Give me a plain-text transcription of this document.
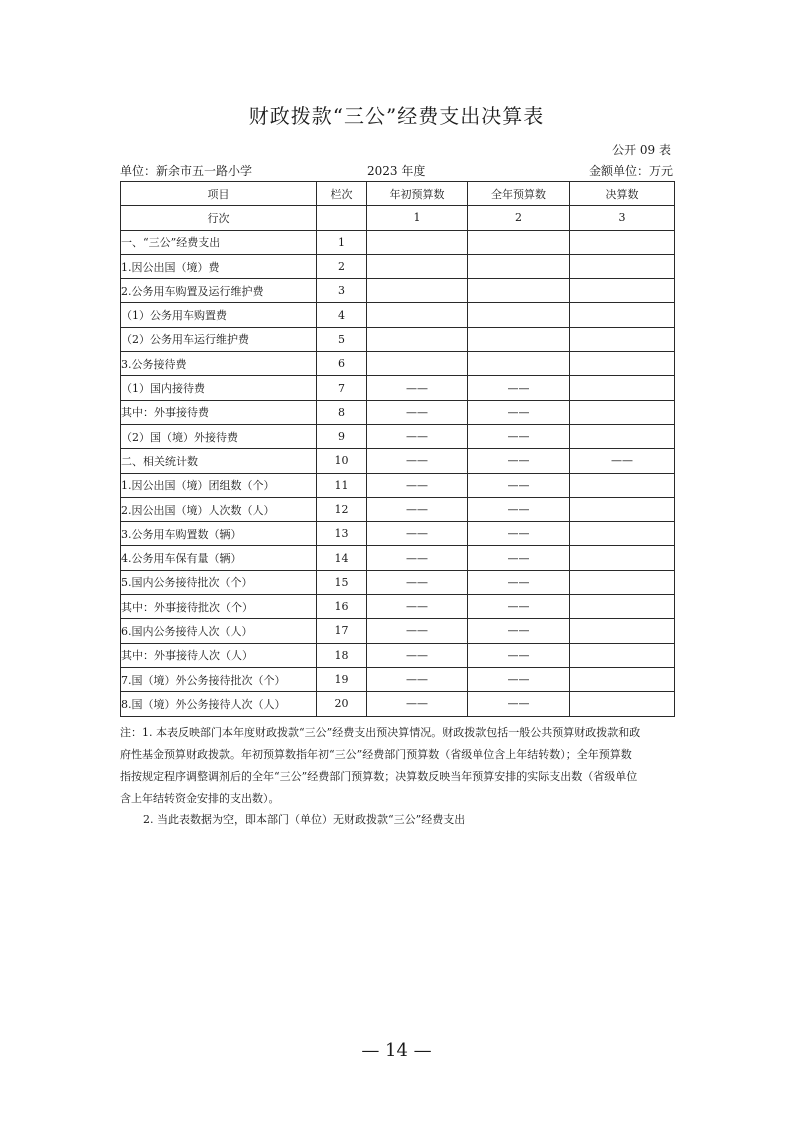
财政拨款“三公”经费支出决算表
公开 09 表
单位：新余市五一路小学	2023 年度	金额单位：万元
项目	栏次	年初预算数	全年预算数	决算数
行次		1	2	3
一、“三公”经费支出	1			
1.因公出国（境）费	2			
2.公务用车购置及运行维护费	3			
（1）公务用车购置费	4			
（2）公务用车运行维护费	5			
3.公务接待费	6			
（1）国内接待费	7	——	——	
其中：外事接待费	8	——	——	
（2）国（境）外接待费	9	——	——	
二、相关统计数	10	——	——	——
1.因公出国（境）团组数（个）	11	——	——	
2.因公出国（境）人次数（人）	12	——	——	
3.公务用车购置数（辆）	13	——	——	
4.公务用车保有量（辆）	14	——	——	
5.国内公务接待批次（个）	15	——	——	
其中：外事接待批次（个）	16	——	——	
6.国内公务接待人次（人）	17	——	——	
其中：外事接待人次（人）	18	——	——	
7.国（境）外公务接待批次（个）	19	——	——	
8.国（境）外公务接待人次（人）	20	——	——	
注：1. 本表反映部门本年度财政拨款“三公”经费支出预决算情况。财政拨款包括一般公共预算财政拨款和政
府性基金预算财政拨款。年初预算数指年初“三公”经费部门预算数（省级单位含上年结转数）；全年预算数
指按规定程序调整调剂后的全年“三公”经费部门预算数；决算数反映当年预算安排的实际支出数（省级单位
含上年结转资金安排的支出数）。
2. 当此表数据为空，即本部门（单位）无财政拨款“三公”经费支出
— 14 —
